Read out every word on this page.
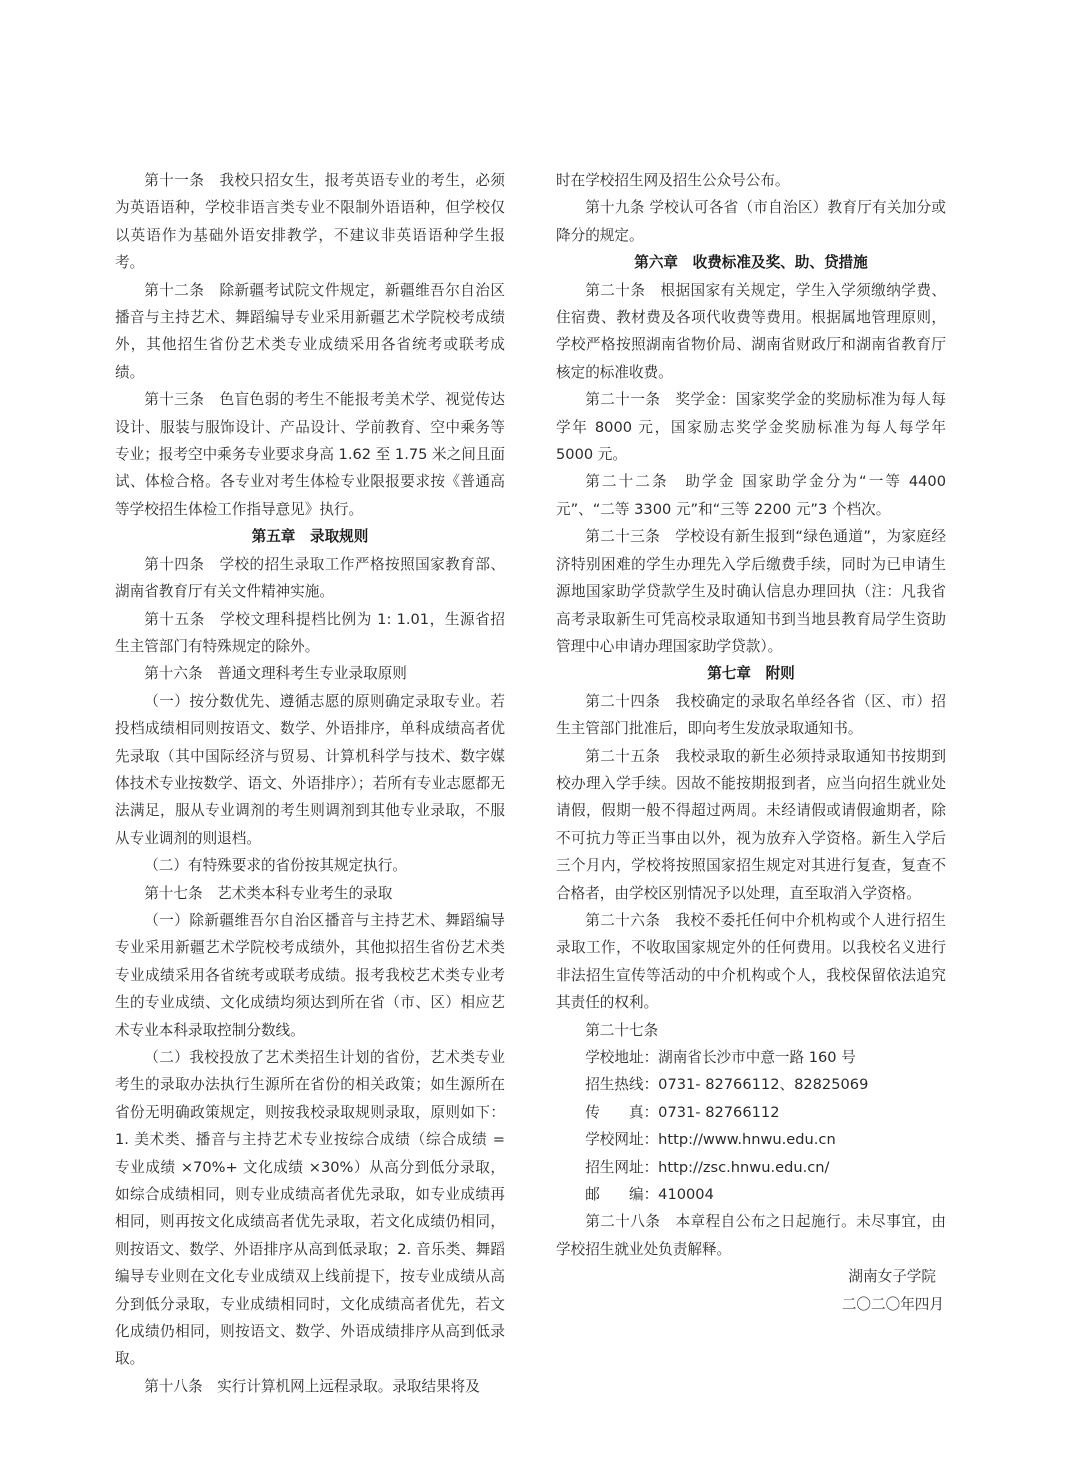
第十一条　我校只招女生，报考英语专业的考生，必须为英语语种，学校非语言类专业不限制外语语种，但学校仅以英语作为基础外语安排教学，不建议非英语语种学生报考。

第十二条　除新疆考试院文件规定，新疆维吾尔自治区播音与主持艺术、舞蹈编导专业采用新疆艺术学院校考成绩外，其他招生省份艺术类专业成绩采用各省统考或联考成绩。

第十三条　色盲色弱的考生不能报考美术学、视觉传达设计、服装与服饰设计、产品设计、学前教育、空中乘务等专业；报考空中乘务专业要求身高 1.62 至 1.75 米之间且面试、体检合格。各专业对考生体检专业限报要求按《普通高等学校招生体检工作指导意见》执行。

第五章　录取规则

第十四条　学校的招生录取工作严格按照国家教育部、湖南省教育厅有关文件精神实施。

第十五条　学校文理科提档比例为 1: 1.01，生源省招生主管部门有特殊规定的除外。

第十六条　普通文理科考生专业录取原则

（一）按分数优先、遵循志愿的原则确定录取专业。若投档成绩相同则按语文、数学、外语排序，单科成绩高者优先录取（其中国际经济与贸易、计算机科学与技术、数字媒体技术专业按数学、语文、外语排序）；若所有专业志愿都无法满足，服从专业调剂的考生则调剂到其他专业录取，不服从专业调剂的则退档。

（二）有特殊要求的省份按其规定执行。

第十七条　艺术类本科专业考生的录取

（一）除新疆维吾尔自治区播音与主持艺术、舞蹈编导专业采用新疆艺术学院校考成绩外，其他拟招生省份艺术类专业成绩采用各省统考或联考成绩。报考我校艺术类专业考生的专业成绩、文化成绩均须达到所在省（市、区）相应艺术专业本科录取控制分数线。

（二）我校投放了艺术类招生计划的省份，艺术类专业考生的录取办法执行生源所在省份的相关政策；如生源所在省份无明确政策规定，则按我校录取规则录取，原则如下：1. 美术类、播音与主持艺术专业按综合成绩（综合成绩 = 专业成绩 ×70%+ 文化成绩 ×30%）从高分到低分录取，如综合成绩相同，则专业成绩高者优先录取，如专业成绩再相同，则再按文化成绩高者优先录取，若文化成绩仍相同，则按语文、数学、外语排序从高到低录取；2. 音乐类、舞蹈编导专业则在文化专业成绩双上线前提下，按专业成绩从高分到低分录取，专业成绩相同时，文化成绩高者优先，若文化成绩仍相同，则按语文、数学、外语成绩排序从高到低录取。

第十八条　实行计算机网上远程录取。录取结果将及

时在学校招生网及招生公众号公布。

第十九条 学校认可各省（市自治区）教育厅有关加分或降分的规定。

第六章　收费标准及奖、助、贷措施

第二十条　根据国家有关规定，学生入学须缴纳学费、住宿费、教材费及各项代收费等费用。根据属地管理原则，学校严格按照湖南省物价局、湖南省财政厅和湖南省教育厅核定的标准收费。

第二十一条　奖学金：国家奖学金的奖励标准为每人每学年 8000 元，国家励志奖学金奖励标准为每人每学年 5000 元。

第二十二条　助学金 国家助学金分为“一等 4400 元”、“二等 3300 元”和“三等 2200 元”3 个档次。

第二十三条　学校设有新生报到“绿色通道”，为家庭经济特别困难的学生办理先入学后缴费手续，同时为已申请生源地国家助学贷款学生及时确认信息办理回执（注：凡我省高考录取新生可凭高校录取通知书到当地县教育局学生资助管理中心申请办理国家助学贷款）。

第七章　附则

第二十四条　我校确定的录取名单经各省（区、市）招生主管部门批准后，即向考生发放录取通知书。

第二十五条　我校录取的新生必须持录取通知书按期到校办理入学手续。因故不能按期报到者，应当向招生就业处请假，假期一般不得超过两周。未经请假或请假逾期者，除不可抗力等正当事由以外，视为放弃入学资格。新生入学后三个月内，学校将按照国家招生规定对其进行复查，复查不合格者，由学校区别情况予以处理，直至取消入学资格。

第二十六条　我校不委托任何中介机构或个人进行招生录取工作，不收取国家规定外的任何费用。以我校名义进行非法招生宣传等活动的中介机构或个人，我校保留依法追究其责任的权利。

第二十七条

学校地址：湖南省长沙市中意一路 160 号

招生热线：0731- 82766112、82825069

传　　真：0731- 82766112

学校网址：http://www.hnwu.edu.cn

招生网址：http://zsc.hnwu.edu.cn/

邮　　编：410004

第二十八条　本章程自公布之日起施行。未尽事宜，由学校招生就业处负责解释。

湖南女子学院

二〇二〇年四月
